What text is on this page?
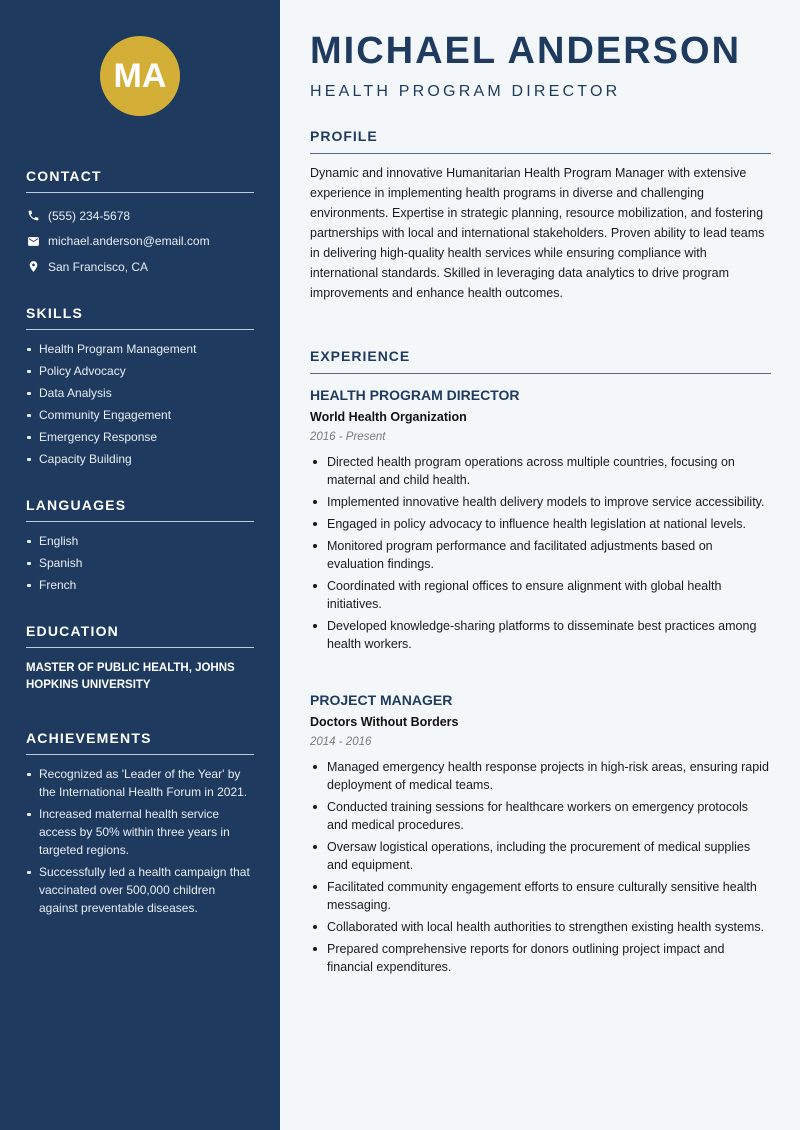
MA
CONTACT
(555) 234-5678
michael.anderson@email.com
San Francisco, CA
SKILLS
Health Program Management
Policy Advocacy
Data Analysis
Community Engagement
Emergency Response
Capacity Building
LANGUAGES
English
Spanish
French
EDUCATION
MASTER OF PUBLIC HEALTH, JOHNS HOPKINS UNIVERSITY
ACHIEVEMENTS
Recognized as 'Leader of the Year' by the International Health Forum in 2021.
Increased maternal health service access by 50% within three years in targeted regions.
Successfully led a health campaign that vaccinated over 500,000 children against preventable diseases.
MICHAEL ANDERSON
HEALTH PROGRAM DIRECTOR
PROFILE

Dynamic and innovative Humanitarian Health Program Manager with extensive experience in implementing health programs in diverse and challenging environments. Expertise in strategic planning, resource mobilization, and fostering partnerships with local and international stakeholders. Proven ability to lead teams in delivering high-quality health services while ensuring compliance with international standards. Skilled in leveraging data analytics to drive program improvements and enhance health outcomes.

EXPERIENCE
HEALTH PROGRAM DIRECTOR
World Health Organization
2016 - Present
Directed health program operations across multiple countries, focusing on maternal and child health.
Implemented innovative health delivery models to improve service accessibility.
Engaged in policy advocacy to influence health legislation at national levels.
Monitored program performance and facilitated adjustments based on evaluation findings.
Coordinated with regional offices to ensure alignment with global health initiatives.
Developed knowledge-sharing platforms to disseminate best practices among health workers.
PROJECT MANAGER
Doctors Without Borders
2014 - 2016
Managed emergency health response projects in high-risk areas, ensuring rapid deployment of medical teams.
Conducted training sessions for healthcare workers on emergency protocols and medical procedures.
Oversaw logistical operations, including the procurement of medical supplies and equipment.
Facilitated community engagement efforts to ensure culturally sensitive health messaging.
Collaborated with local health authorities to strengthen existing health systems.
Prepared comprehensive reports for donors outlining project impact and financial expenditures.
